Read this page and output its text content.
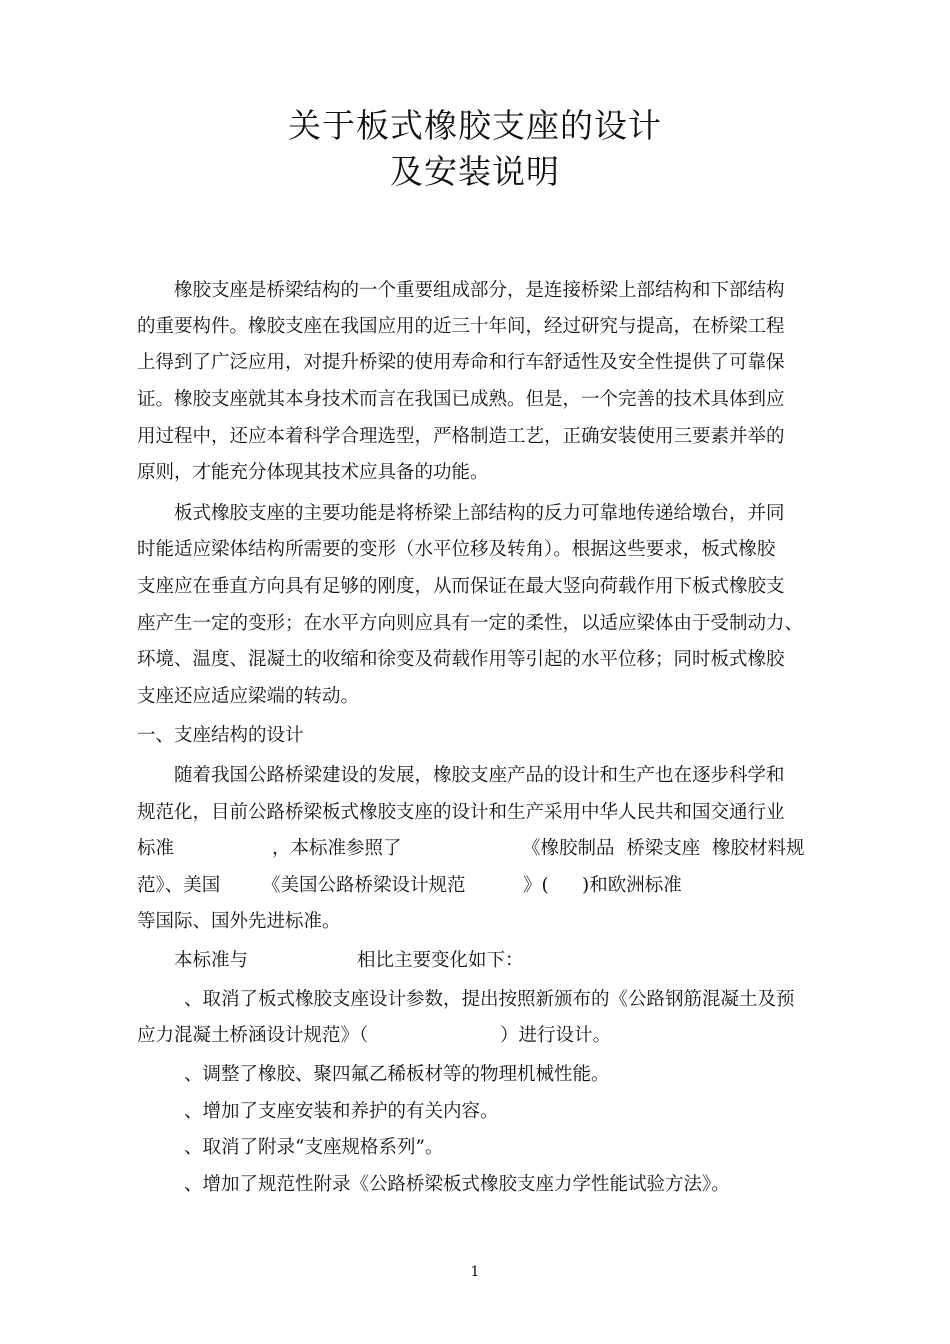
关于板式橡胶支座的设计
及安装说明
橡胶支座是桥梁结构的一个重要组成部分，是连接桥梁上部结构和下部结构
的重要构件。橡胶支座在我国应用的近三十年间，经过研究与提高，在桥梁工程
上得到了广泛应用，对提升桥梁的使用寿命和行车舒适性及安全性提供了可靠保
证。橡胶支座就其本身技术而言在我国已成熟。但是，一个完善的技术具体到应
用过程中，还应本着科学合理选型，严格制造工艺，正确安装使用三要素并举的
原则，才能充分体现其技术应具备的功能。
板式橡胶支座的主要功能是将桥梁上部结构的反力可靠地传递给墩台，并同
时能适应梁体结构所需要的变形（水平位移及转角）。根据这些要求，板式橡胶
支座应在垂直方向具有足够的刚度，从而保证在最大竖向荷载作用下板式橡胶支
座产生一定的变形；在水平方向则应具有一定的柔性，以适应梁体由于受制动力、
环境、温度、混凝土的收缩和徐变及荷载作用等引起的水平位移；同时板式橡胶
支座还应适应梁端的转动。
一、支座结构的设计
随着我国公路桥梁建设的发展，橡胶支座产品的设计和生产也在逐步科学和
规范化，目前公路桥梁板式橡胶支座的设计和生产采用中华人民共和国交通行业
标准	，本标准参照了	《橡胶制品  桥梁支座  橡胶材料规
范》、美国 《美国公路桥梁设计规范	》( )和欧洲标准
等国际、国外先进标准。
本标准与	相比主要变化如下：
、取消了板式橡胶支座设计参数，提出按照新颁布的《公路钢筋混凝土及预
应力混凝土桥涵设计规范》（	）进行设计。
、调整了橡胶、聚四氟乙稀板材等的物理机械性能。
、增加了支座安装和养护的有关内容。
、取消了附录“支座规格系列”。
、增加了规范性附录《公路桥梁板式橡胶支座力学性能试验方法》。
1
